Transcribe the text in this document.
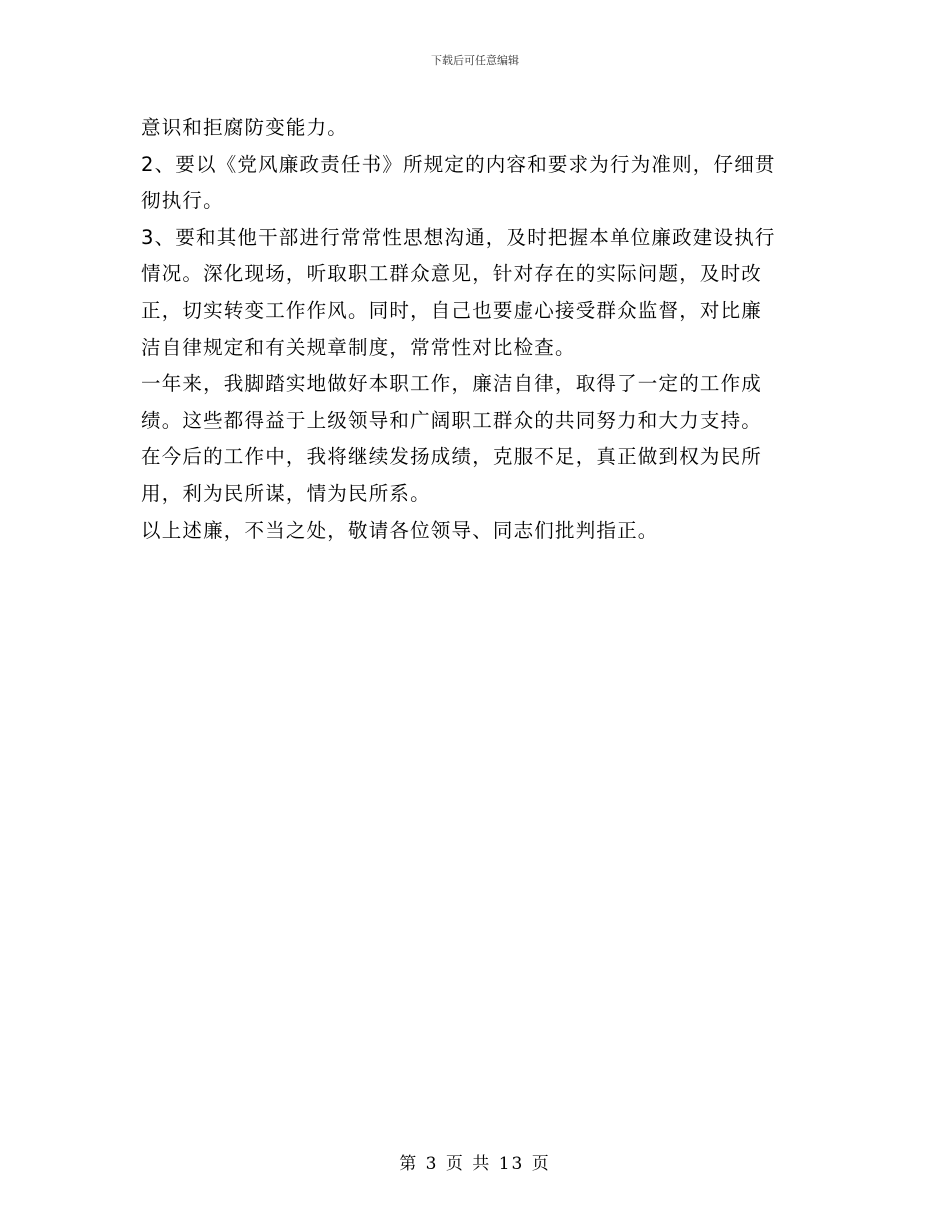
下载后可任意编辑

意识和拒腐防变能力。

2、要以《党风廉政责任书》所规定的内容和要求为行为准则，仔细贯

彻执行。

3、要和其他干部进行常常性思想沟通，及时把握本单位廉政建设执行

情况。深化现场，听取职工群众意见，针对存在的实际问题，及时改

正，切实转变工作作风。同时，自己也要虚心接受群众监督，对比廉

洁自律规定和有关规章制度，常常性对比检查。

一年来，我脚踏实地做好本职工作，廉洁自律，取得了一定的工作成

绩。这些都得益于上级领导和广阔职工群众的共同努力和大力支持。

在今后的工作中，我将继续发扬成绩，克服不足，真正做到权为民所

用，利为民所谋，情为民所系。

以上述廉，不当之处，敬请各位领导、同志们批判指正。

第 3 页 共 13 页
